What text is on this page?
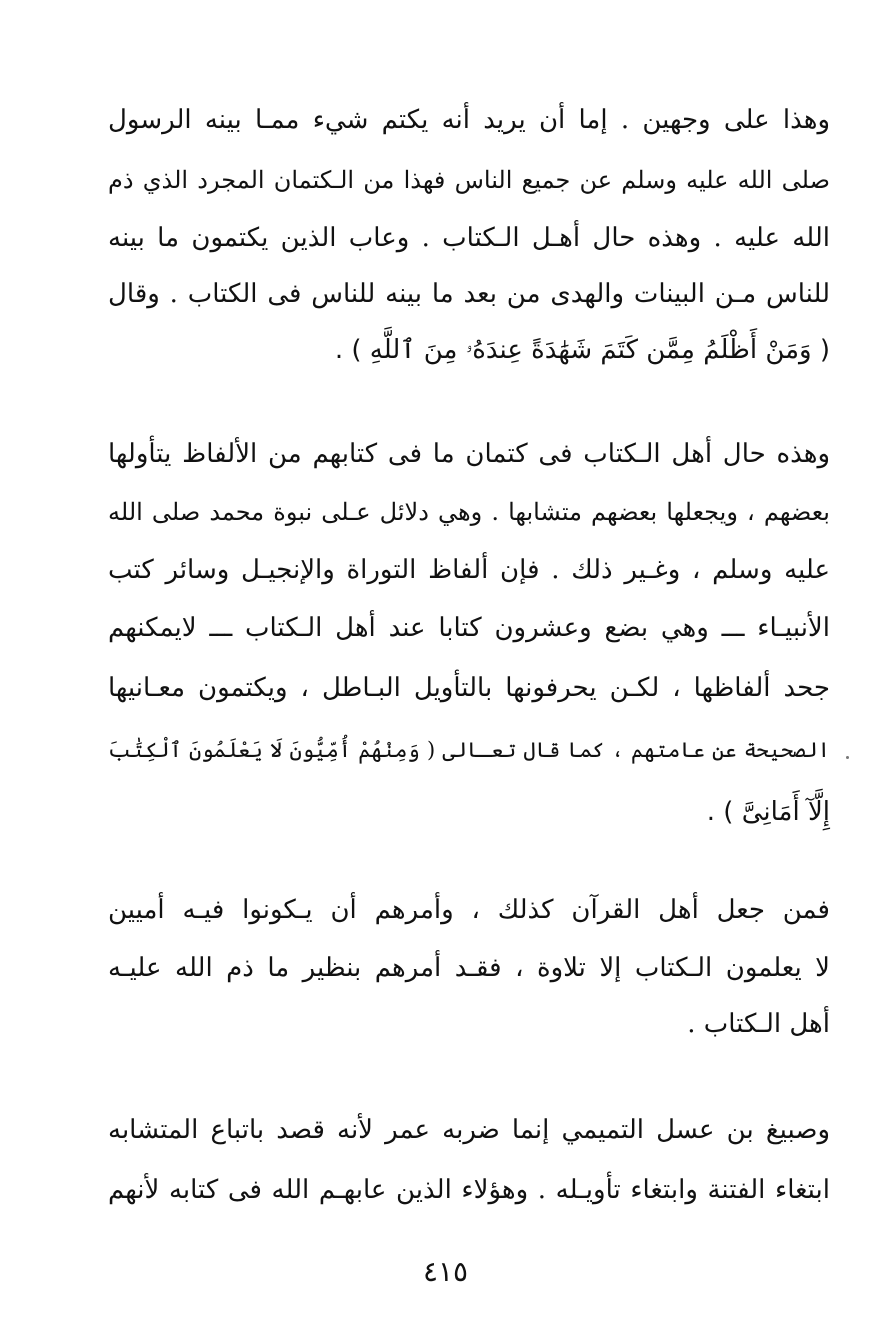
وهذا على وجهين . إما أن يريد أنه يكتم شيء ممـا بينه الرسول
صلى الله عليه وسلم عن جميع الناس فهذا من الـكتمان المجرد الذي ذم
الله عليه . وهذه حال أهـل الـكتاب . وعاب الذين يكتمون ما بينه
للناس مـن البينات والهدى من بعد ما بينه للناس فى الكتاب . وقال
( وَمَنْ أَظْلَمُ مِمَّن كَتَمَ شَهَٰدَةً عِندَهُۥ مِنَ ٱللَّهِ ) .
وهذه حال أهل الـكتاب فى كتمان ما فى كتابهم من الألفاظ يتأولها
بعضهم ، ويجعلها بعضهم متشابها . وهي دلائل عـلى نبوة محمد صلى الله
عليه وسلم ، وغـير ذلك . فإن ألفاظ التوراة والإنجيـل وسائر كتب
الأنبيـاء ـــ وهي بضع وعشرون كتابا عند أهل الـكتاب ـــ لايمكنهم
جحد ألفاظها ، لكـن يحرفونها بالتأويل البـاطل ، ويكتمون معـانيها
الصحيحة عن عامتهم ، كما قال تعـالى ( وَمِنْهُمْ أُمِّيُّونَ لَا يَعْلَمُونَ ٱلْكِتَٰبَ
إِلَّآ أَمَانِىَّ ) .
فمن جعل أهل القرآن كذلك ، وأمرهم أن يـكونوا فيـه أميين
لا يعلمون الـكتاب إلا تلاوة ، فقـد أمرهم بنظير ما ذم الله عليـه
أهل الـكتاب .
وصبيغ بن عسل التميمي إنما ضربه عمر لأنه قصد باتباع المتشابه
ابتغاء الفتنة وابتغاء تأويـله . وهؤلاء الذين عابهـم الله فى كتابه لأنهم
٤١٥
